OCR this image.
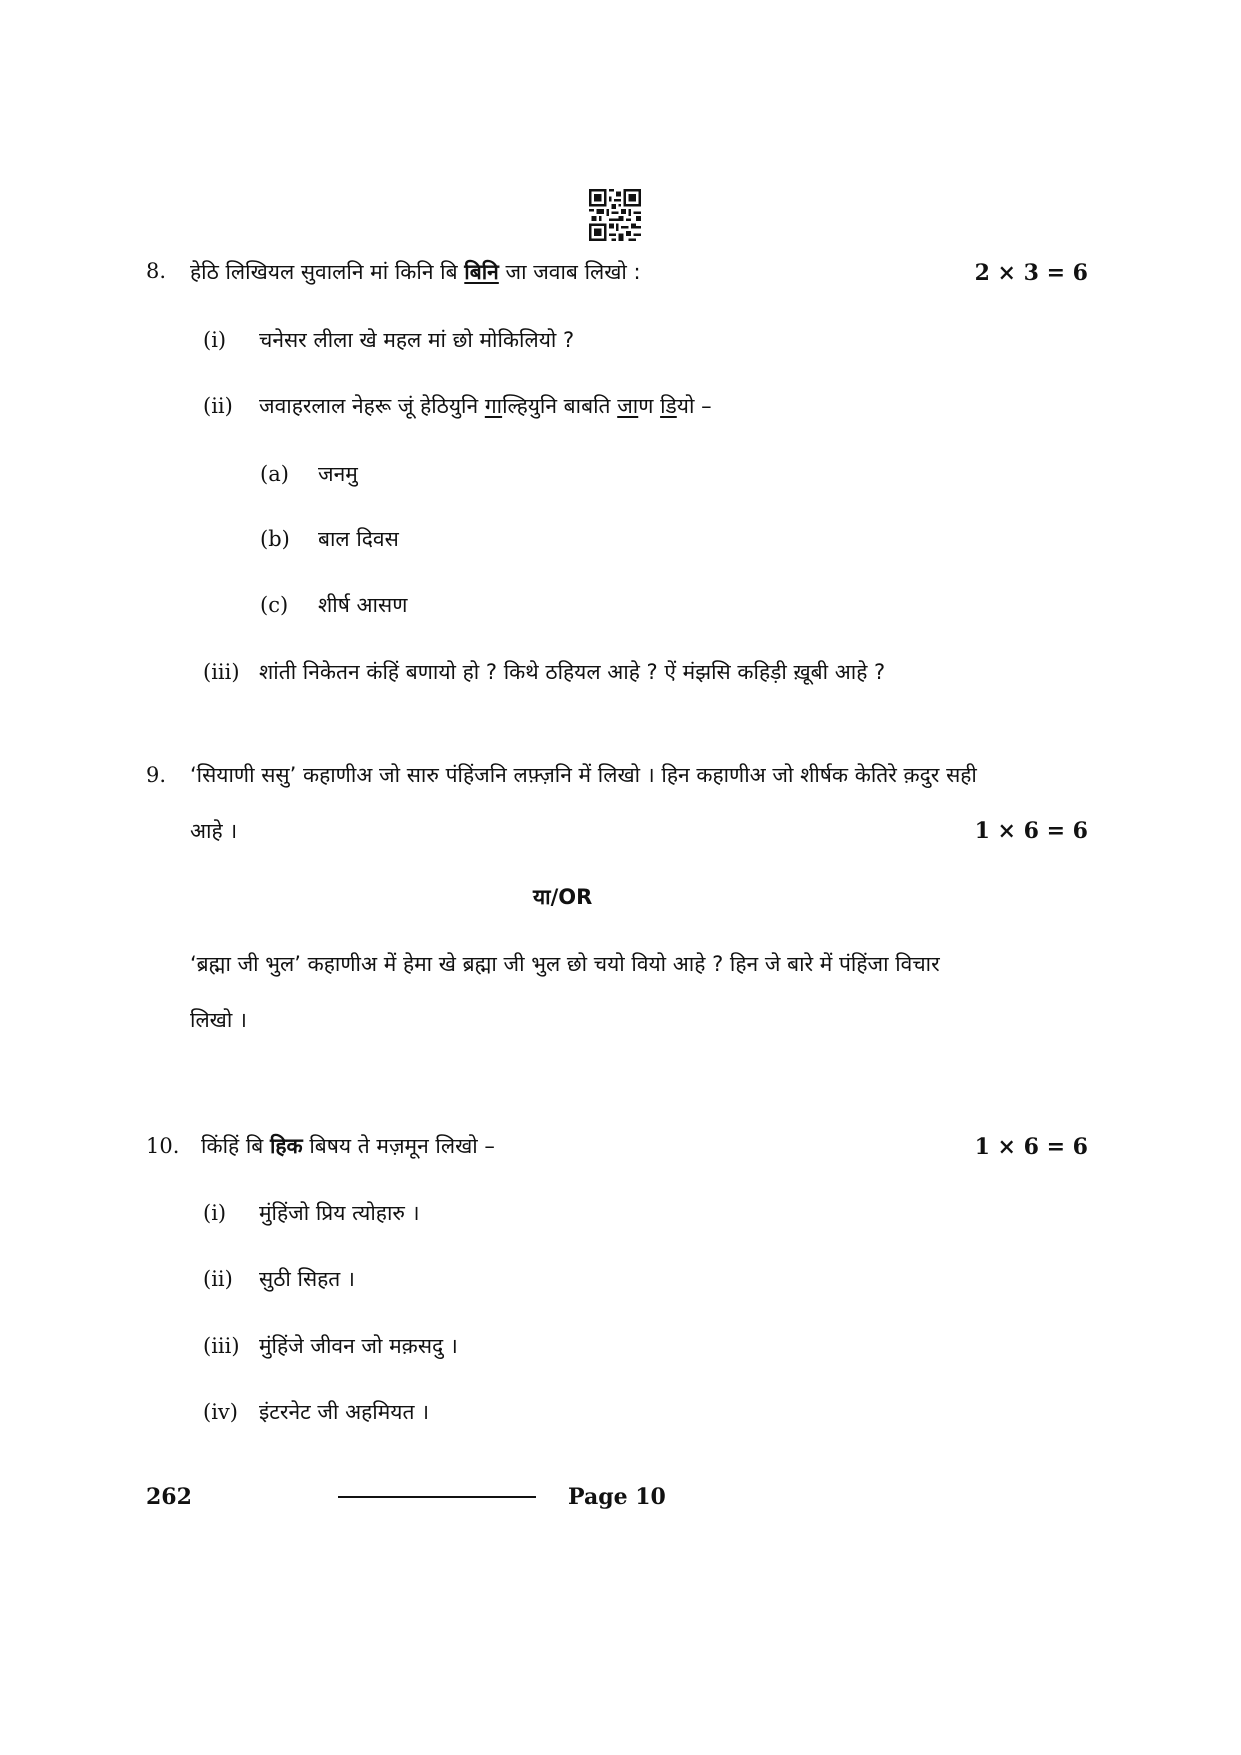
8. हेठि लिखियल सुवालनि मां किनि बि बिनि जा जवाब लिखो :	2 × 3 = 6
(i) चनेसर लीला खे महल मां छो मोकिलियो ?
(ii) जवाहरलाल नेहरू जूं हेठियुनि गाल्हियुनि बाबति जाण डियो –
(a) जनमु
(b) बाल दिवस
(c) शीर्ष आसण
(iii) शांती निकेतन कंहिं बणायो हो ? किथे ठहियल आहे ? ऐं मंझसि कहिड़ी ख़ूबी आहे ?
9. ‘सियाणी ससु’ कहाणीअ जो सारु पंहिंजनि लफ़्ज़नि में लिखो । हिन कहाणीअ जो शीर्षक केतिरे क़दुर सही
आहे ।	1 × 6 = 6
या/OR
‘ब्रह्मा जी भुल’ कहाणीअ में हेमा खे ब्रह्मा जी भुल छो चयो वियो आहे ? हिन जे बारे में पंहिंजा विचार
लिखो ।
10. किंहिं बि हिक बिषय ते मज़मून लिखो –	1 × 6 = 6
(i) मुंहिंजो प्रिय त्योहारु ।
(ii) सुठी सिहत ।
(iii) मुंहिंजे जीवन जो मक़सदु ।
(iv) इंटरनेट जी अहमियत ।
262	Page 10
